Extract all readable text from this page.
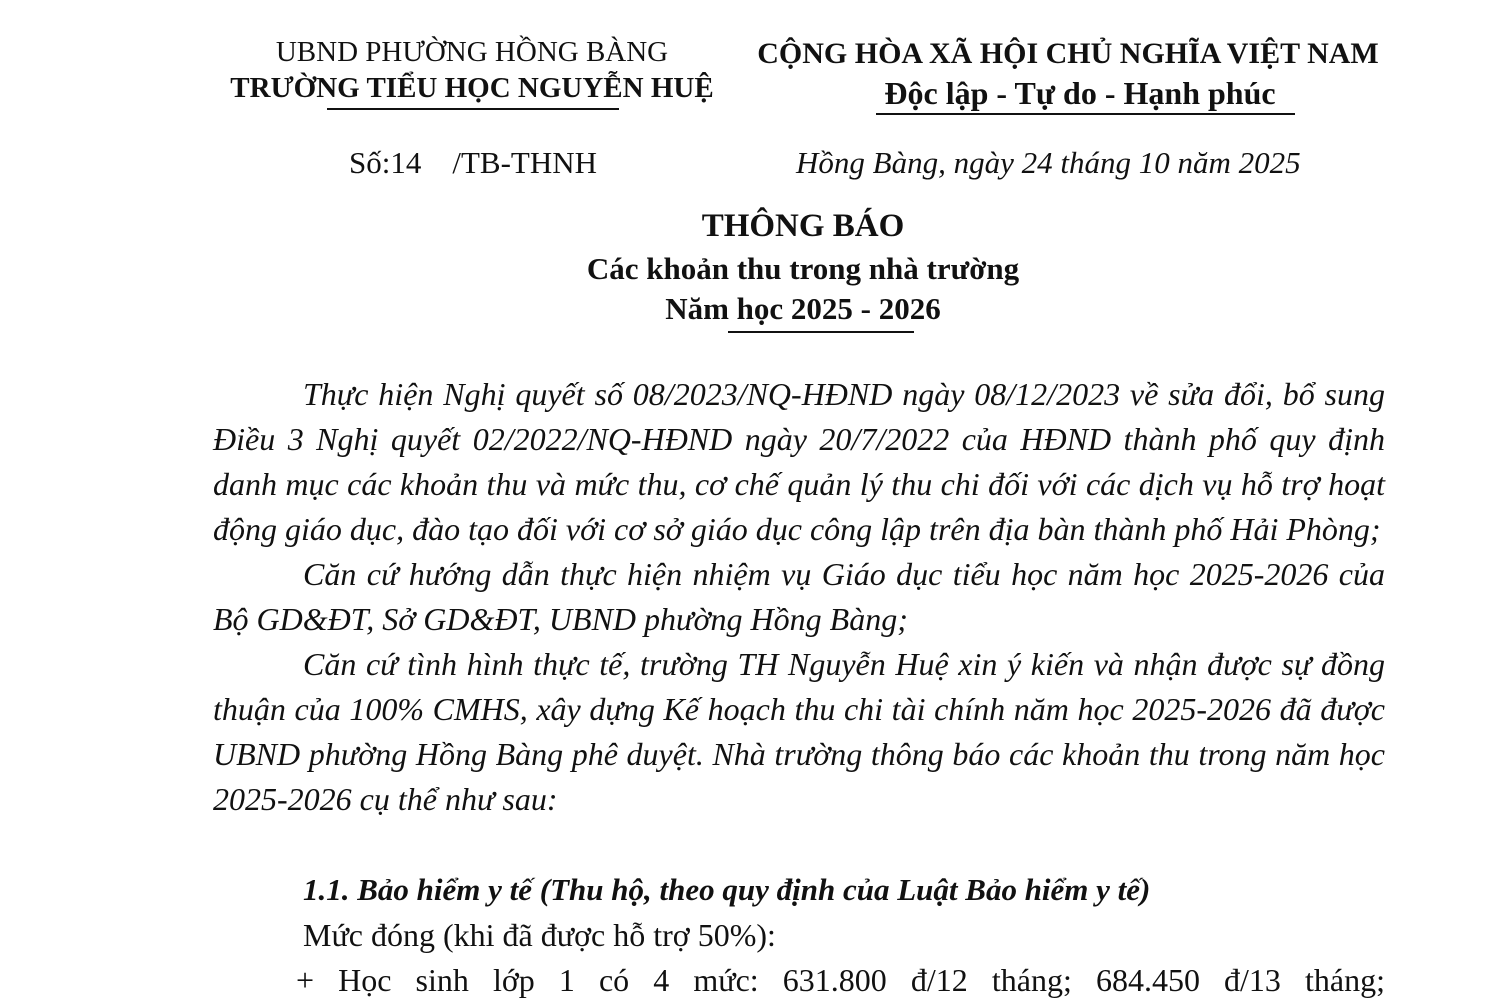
UBND PHƯỜNG HỒNG BÀNG
TRƯỜNG TIỂU HỌC NGUYỄN HUỆ
CỘNG HÒA XÃ HỘI CHỦ NGHĨA VIỆT NAM
Độc lập - Tự do - Hạnh phúc
Số:14    /TB-THNH	Hồng Bàng, ngày 24 tháng 10 năm 2025
THÔNG BÁO
Các khoản thu trong nhà trường
Năm học 2025 - 2026

Thực hiện Nghị quyết số 08/2023/NQ-HĐND ngày 08/12/2023 về sửa đổi, bổ sung Điều 3 Nghị quyết 02/2022/NQ-HĐND ngày 20/7/2022 của HĐND thành phố quy định danh mục các khoản thu và mức thu, cơ chế quản lý thu chi đối với các dịch vụ hỗ trợ hoạt động giáo dục, đào tạo đối với cơ sở giáo dục công lập trên địa bàn thành phố Hải Phòng;

Căn cứ hướng dẫn thực hiện nhiệm vụ Giáo dục tiểu học năm học 2025-2026 của Bộ GD&ĐT, Sở GD&ĐT, UBND phường Hồng Bàng;

Căn cứ tình hình thực tế, trường TH Nguyễn Huệ xin ý kiến và nhận được sự đồng thuận của 100% CMHS, xây dựng Kế hoạch thu chi tài chính năm học 2025-2026 đã được UBND phường Hồng Bàng phê duyệt. Nhà trường thông báo các khoản thu trong năm học 2025-2026 cụ thể như sau:

1.1. Bảo hiểm y tế (Thu hộ, theo quy định của Luật Bảo hiểm y tế)
Mức đóng (khi đã được hỗ trợ 50%):
+ Học sinh lớp 1 có 4 mức: 631.800 đ/12 tháng; 684.450 đ/13 tháng;
